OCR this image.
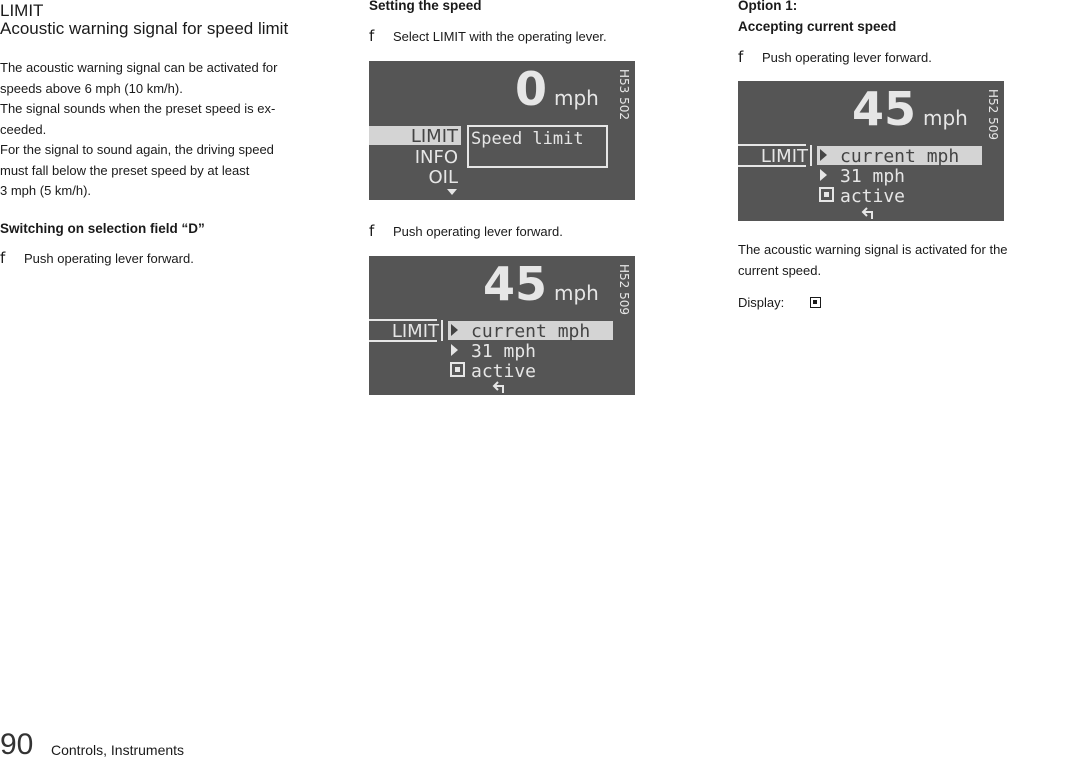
LIMIT
Acoustic warning signal for speed limit
The acoustic warning signal can be activated for
speeds above 6 mph (10 km/h).
The signal sounds when the preset speed is ex-
ceeded.
For the signal to sound again, the driving speed
must fall below the preset speed by at least
3 mph (5 km/h).
Switching on selection field “D”
f Push operating lever forward.
Setting the speed
f Select LIMIT with the operating lever.
0 mph H53 502
LIMIT
INFO
OIL
Speed limit
f Push operating lever forward.
45 mph H52 509
LIMIT current mph
31 mph
active
Option 1:
Accepting current speed
f Push operating lever forward.
45 mph H52 509
LIMIT current mph
31 mph
active
The acoustic warning signal is activated for the
current speed.
Display:
90 Controls, Instruments
